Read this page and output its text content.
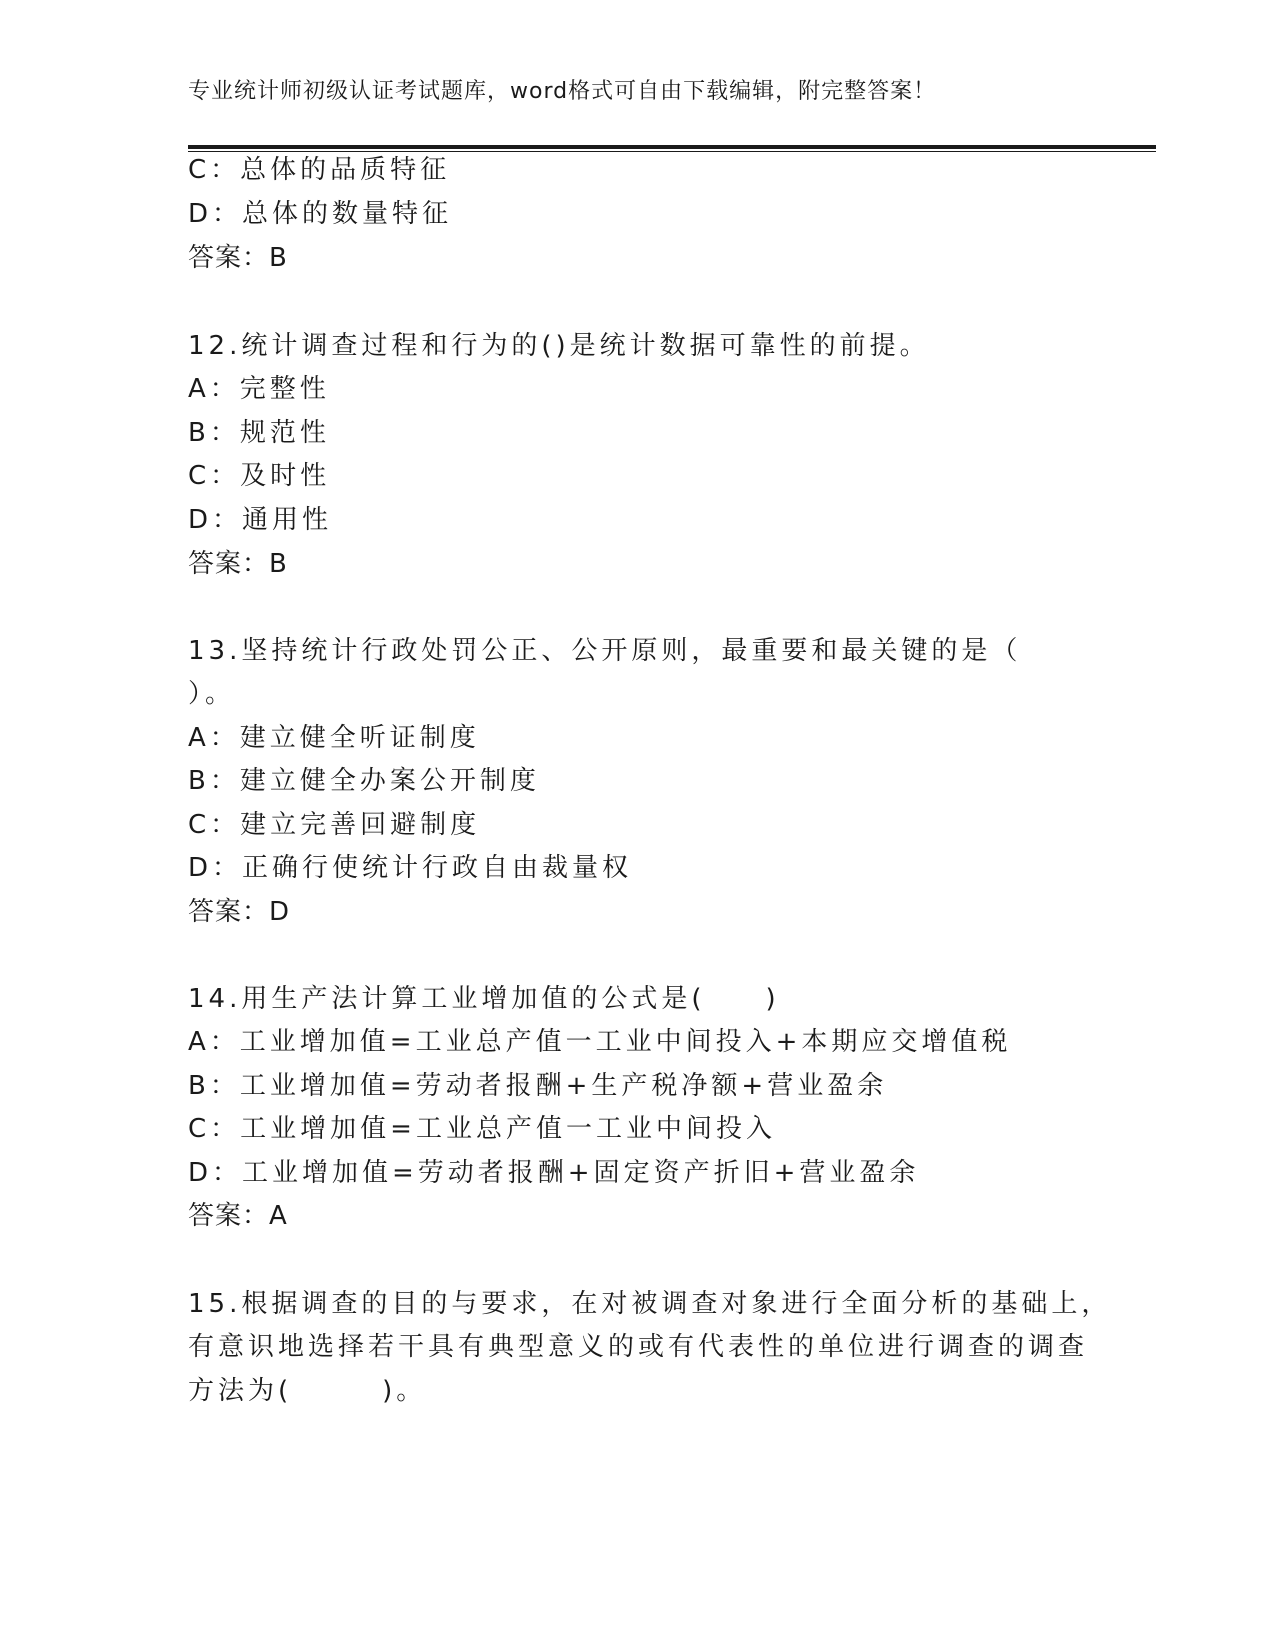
专业统计师初级认证考试题库，word格式可自由下载编辑，附完整答案！
C：总体的品质特征
D：总体的数量特征
答案：B
12.统计调查过程和行为的()是统计数据可靠性的前提。
A：完整性
B：规范性
C：及时性
D：通用性
答案：B
13.坚持统计行政处罚公正、公开原则，最重要和最关键的是（
）。
A：建立健全听证制度
B：建立健全办案公开制度
C：建立完善回避制度
D：正确行使统计行政自由裁量权
答案：D
14.用生产法计算工业增加值的公式是(　　)
A：工业增加值=工业总产值一工业中间投入+本期应交增值税
B：工业增加值=劳动者报酬+生产税净额+营业盈余
C：工业增加值=工业总产值一工业中间投入
D：工业增加值=劳动者报酬+固定资产折旧+营业盈余
答案：A
15.根据调查的目的与要求，在对被调查对象进行全面分析的基础上，
有意识地选择若干具有典型意义的或有代表性的单位进行调查的调查
方法为(　　　)。
